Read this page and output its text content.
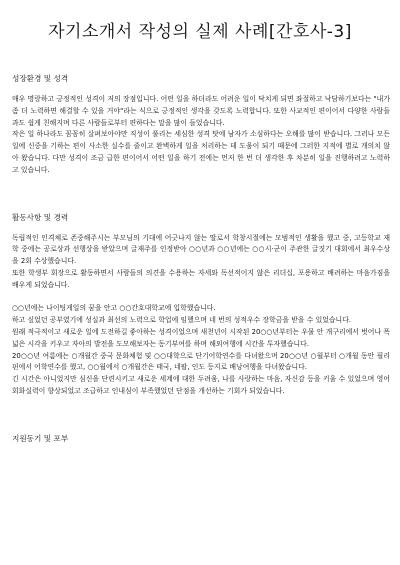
자기소개서 작성의 실제 사례[간호사-3]
성장환경 및 성격

매우 명랑하고 긍정적인 성격이 저의 장점입니다. 어떤 일을 하더라도 어려운 일이 닥치게 되면 좌절하고 낙담하기보다는 "내가 좀 더 노력하면 해결할 수 있을 거야"라는 식으로 긍정적인 생각을 갖도록 노력합니다. 또한 사교적인 편이어서 다양한 사람들과도 쉽게 친해지며 다른 사람들로부터 편하다는 말을 많이 들었습니다.

작은 일 하나라도 꼼꼼히 살펴보아야만 직성이 풀리는 세심한 성격 탓에 남자가 소심하다는 오해를 많이 받습니다. 그러나 모든 일에 신중을 기하는 편이 사소한 실수를 줄이고 완벽하게 일을 처리하는 데 도움이 되기 때문에 그러한 지적에 별로 개의치 않아 왔습니다. 다만 성격이 조금 급한 편이어서 어떤 일을 하기 전에는 먼저 한 번 더 생각한 후 차분히 일을 진행하려고 노력하고 있습니다.

활동사항 및 경력

독립적인 인격체로 존중해주시는 부모님의 기대에 어긋나지 않는 딸로서 학창시절에는 모범적인 생활을 했고 중, 고등학교 재학 중에는 공로상과 선행상을 받았으며 글재주를 인정받아 ○○년과 ○○년에는 ○○시·군이 주관한 글짓기 대회에서 최우수상을 2회 수상했습니다.

또한 학생부 회장으로 활동하면서 사람들의 의견을 수용하는 자세와 독선적이지 않은 리더십, 포용하고 배려하는 마음가짐을 배우게 되었습니다.

○○년에는 나이팅게일의 꿈을 안고 ○○간호대학교에 입학했습니다.

하고 싶었던 공부였기에 성실과 최선의 노력으로 학업에 임했으며 네 번의 성적우수 장학금을 받을 수 있었습니다.

원래 적극적이고 새로운 일에 도전하길 좋아하는 성격이었으며 새천년이 시작된 20○○년부터는 우물 안 개구리에서 벗어나 폭넓은 시각을 키우고 자아의 발전을 도모해보자는 동기부여를 하며 해외여행에 시간을 투자했습니다.

20○○년 여름에는 ○개월간 중국 문화체험 및 ○○대학으로 단기어학연수를 다녀왔으며 20○○년 ○월부터 ○개월 동안 필리핀에서 어학연수를 했고, ○○월에서 ○개월간은 태국, 네팔, 인도 등지로 배낭여행을 다녀왔습니다.

긴 시간은 아니었지만 심신을 단련시키고 새로운 세계에 대한 두려움, 나를 사랑하는 마음, 자신감 등을 키울 수 있었으며 영어회화실력이 향상되었고 조급하고 인내심이 부족했었던 단점을 개선하는 기회가 되었습니다.

지원동기 및 포부
